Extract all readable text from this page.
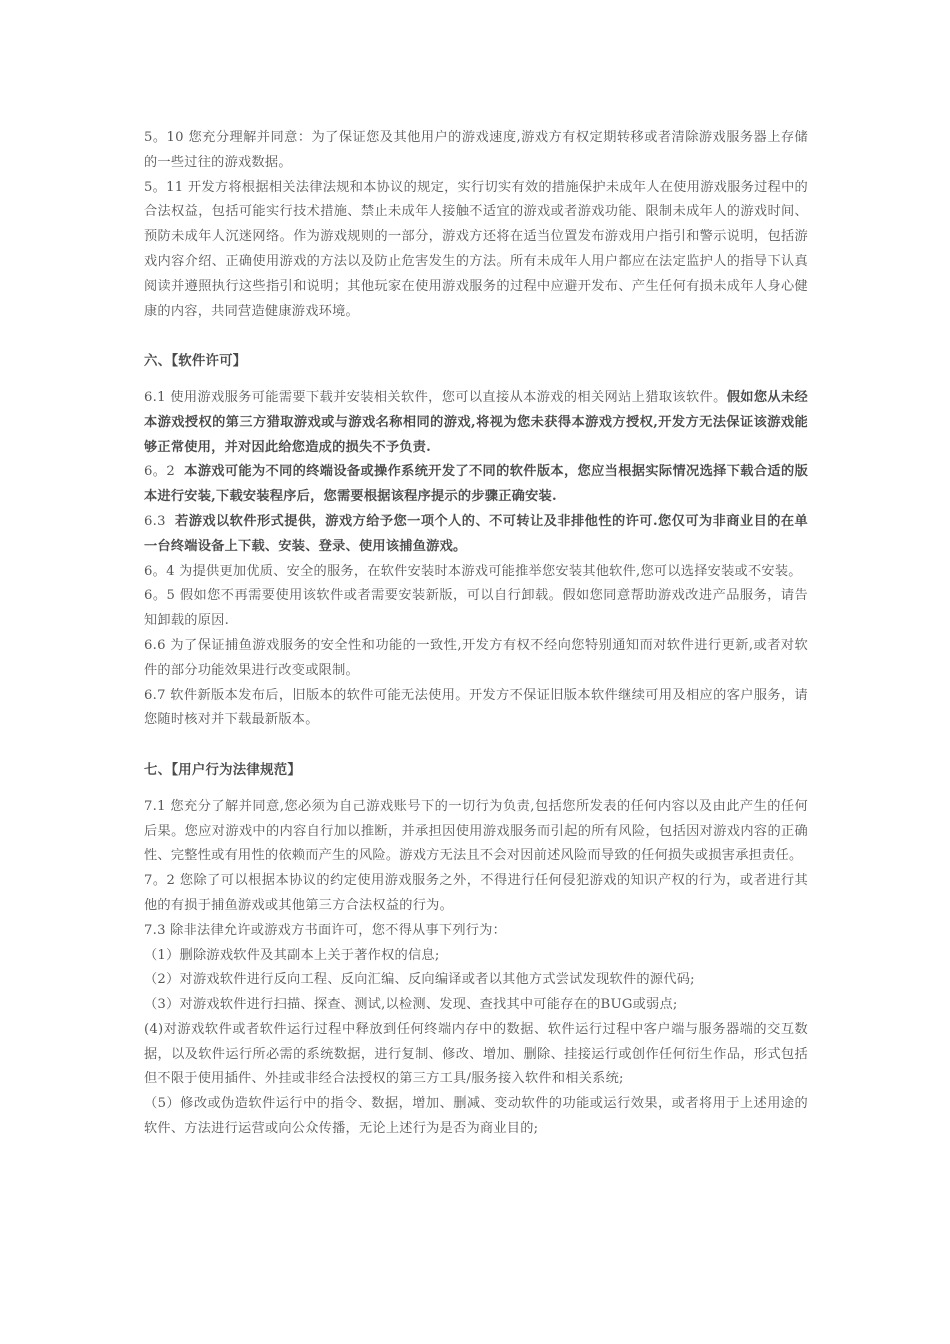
5。10 您充分理解并同意：为了保证您及其他用户的游戏速度,游戏方有权定期转移或者清除游戏服务器上存储的一些过往的游戏数据。

5。11 开发方将根据相关法律法规和本协议的规定，实行切实有效的措施保护未成年人在使用游戏服务过程中的合法权益，包括可能实行技术措施、禁止未成年人接触不适宜的游戏或者游戏功能、限制未成年人的游戏时间、预防未成年人沉迷网络。作为游戏规则的一部分，游戏方还将在适当位置发布游戏用户指引和警示说明，包括游戏内容介绍、正确使用游戏的方法以及防止危害发生的方法。所有未成年人用户都应在法定监护人的指导下认真阅读并遵照执行这些指引和说明；其他玩家在使用游戏服务的过程中应避开发布、产生任何有损未成年人身心健康的内容，共同营造健康游戏环境。

六、【软件许可】

6.1 使用游戏服务可能需要下载并安装相关软件，您可以直接从本游戏的相关网站上猎取该软件。假如您从未经本游戏授权的第三方猎取游戏或与游戏名称相同的游戏,将视为您未获得本游戏方授权,开发方无法保证该游戏能够正常使用，并对因此给您造成的损失不予负责.

6。2  本游戏可能为不同的终端设备或操作系统开发了不同的软件版本，您应当根据实际情况选择下载合适的版本进行安装,下载安装程序后，您需要根据该程序提示的步骤正确安装.

6.3  若游戏以软件形式提供，游戏方给予您一项个人的、不可转让及非排他性的许可.您仅可为非商业目的在单一台终端设备上下载、安装、登录、使用该捕鱼游戏。

6。4 为提供更加优质、安全的服务，在软件安装时本游戏可能推举您安装其他软件,您可以选择安装或不安装。

6。5 假如您不再需要使用该软件或者需要安装新版，可以自行卸载。假如您同意帮助游戏改进产品服务，请告知卸载的原因.

6.6 为了保证捕鱼游戏服务的安全性和功能的一致性,开发方有权不经向您特别通知而对软件进行更新,或者对软件的部分功能效果进行改变或限制。

6.7 软件新版本发布后，旧版本的软件可能无法使用。开发方不保证旧版本软件继续可用及相应的客户服务，请您随时核对并下载最新版本。

七、【用户行为法律规范】

7.1 您充分了解并同意,您必须为自己游戏账号下的一切行为负责,包括您所发表的任何内容以及由此产生的任何后果。您应对游戏中的内容自行加以推断，并承担因使用游戏服务而引起的所有风险，包括因对游戏内容的正确性、完整性或有用性的依赖而产生的风险。游戏方无法且不会对因前述风险而导致的任何损失或损害承担责任。

7。2 您除了可以根据本协议的约定使用游戏服务之外，不得进行任何侵犯游戏的知识产权的行为，或者进行其他的有损于捕鱼游戏或其他第三方合法权益的行为。

7.3 除非法律允许或游戏方书面许可，您不得从事下列行为：

（1）删除游戏软件及其副本上关于著作权的信息;

（2）对游戏软件进行反向工程、反向汇编、反向编译或者以其他方式尝试发现软件的源代码;

（3）对游戏软件进行扫描、探查、测试,以检测、发现、查找其中可能存在的BUG或弱点;

(4)对游戏软件或者软件运行过程中释放到任何终端内存中的数据、软件运行过程中客户端与服务器端的交互数据，以及软件运行所必需的系统数据，进行复制、修改、增加、删除、挂接运行或创作任何衍生作品，形式包括但不限于使用插件、外挂或非经合法授权的第三方工具/服务接入软件和相关系统;

（5）修改或伪造软件运行中的指令、数据，增加、删减、变动软件的功能或运行效果，或者将用于上述用途的软件、方法进行运营或向公众传播，无论上述行为是否为商业目的;
